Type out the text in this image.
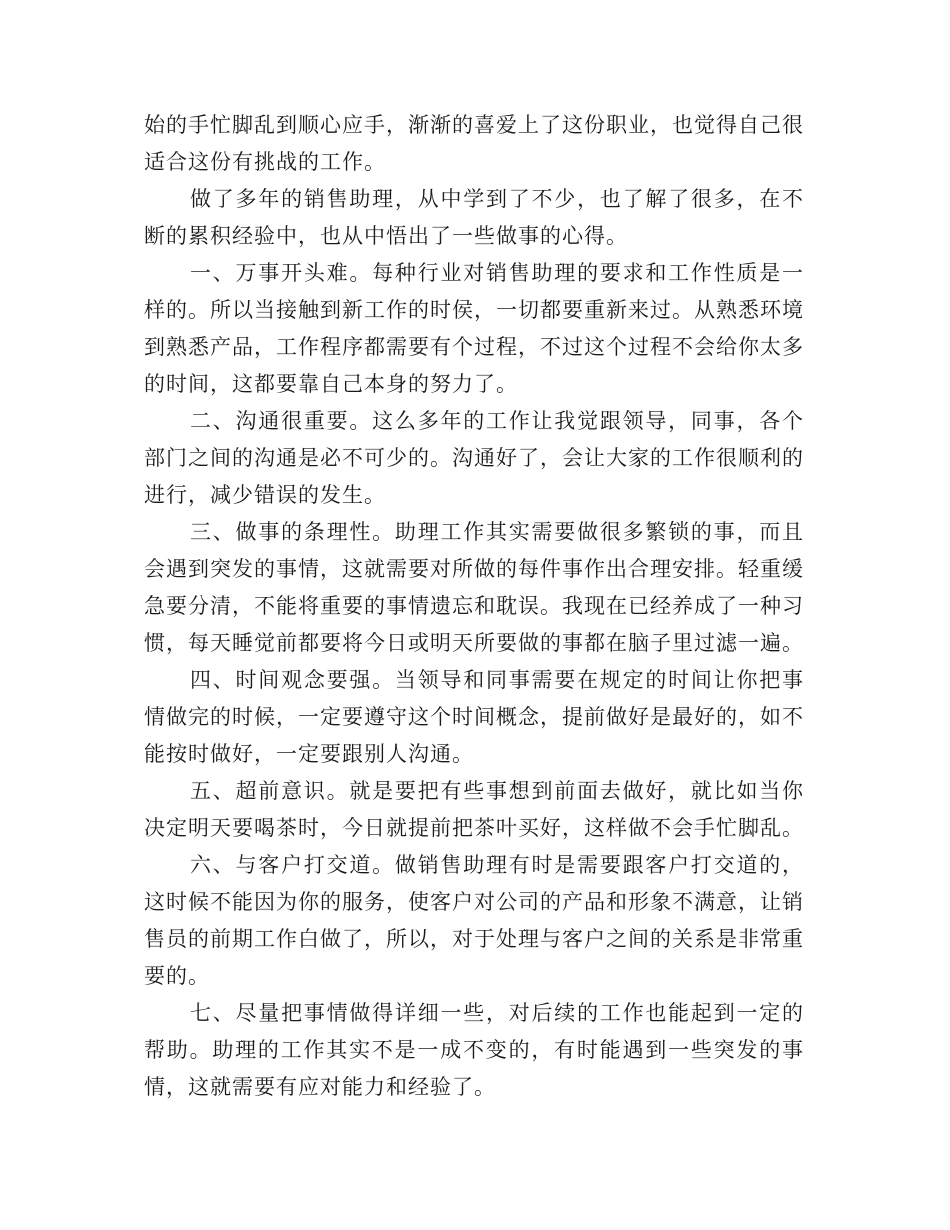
始的手忙脚乱到顺心应手，渐渐的喜爱上了这份职业，也觉得自己很适合这份有挑战的工作。

做了多年的销售助理，从中学到了不少，也了解了很多，在不断的累积经验中，也从中悟出了一些做事的心得。

一、万事开头难。每种行业对销售助理的要求和工作性质是一样的。所以当接触到新工作的时侯，一切都要重新来过。从熟悉环境到熟悉产品，工作程序都需要有个过程，不过这个过程不会给你太多的时间，这都要靠自己本身的努力了。

二、沟通很重要。这么多年的工作让我觉跟领导，同事，各个部门之间的沟通是必不可少的。沟通好了，会让大家的工作很顺利的进行，减少错误的发生。

三、做事的条理性。助理工作其实需要做很多繁锁的事，而且会遇到突发的事情，这就需要对所做的每件事作出合理安排。轻重缓急要分清，不能将重要的事情遗忘和耽误。我现在已经养成了一种习惯，每天睡觉前都要将今日或明天所要做的事都在脑子里过滤一遍。

四、时间观念要强。当领导和同事需要在规定的时间让你把事情做完的时候，一定要遵守这个时间概念，提前做好是最好的，如不能按时做好，一定要跟别人沟通。

五、超前意识。就是要把有些事想到前面去做好，就比如当你决定明天要喝茶时，今日就提前把茶叶买好，这样做不会手忙脚乱。

六、与客户打交道。做销售助理有时是需要跟客户打交道的，这时候不能因为你的服务，使客户对公司的产品和形象不满意，让销售员的前期工作白做了，所以，对于处理与客户之间的关系是非常重要的。

七、尽量把事情做得详细一些，对后续的工作也能起到一定的帮助。助理的工作其实不是一成不变的，有时能遇到一些突发的事情，这就需要有应对能力和经验了。
